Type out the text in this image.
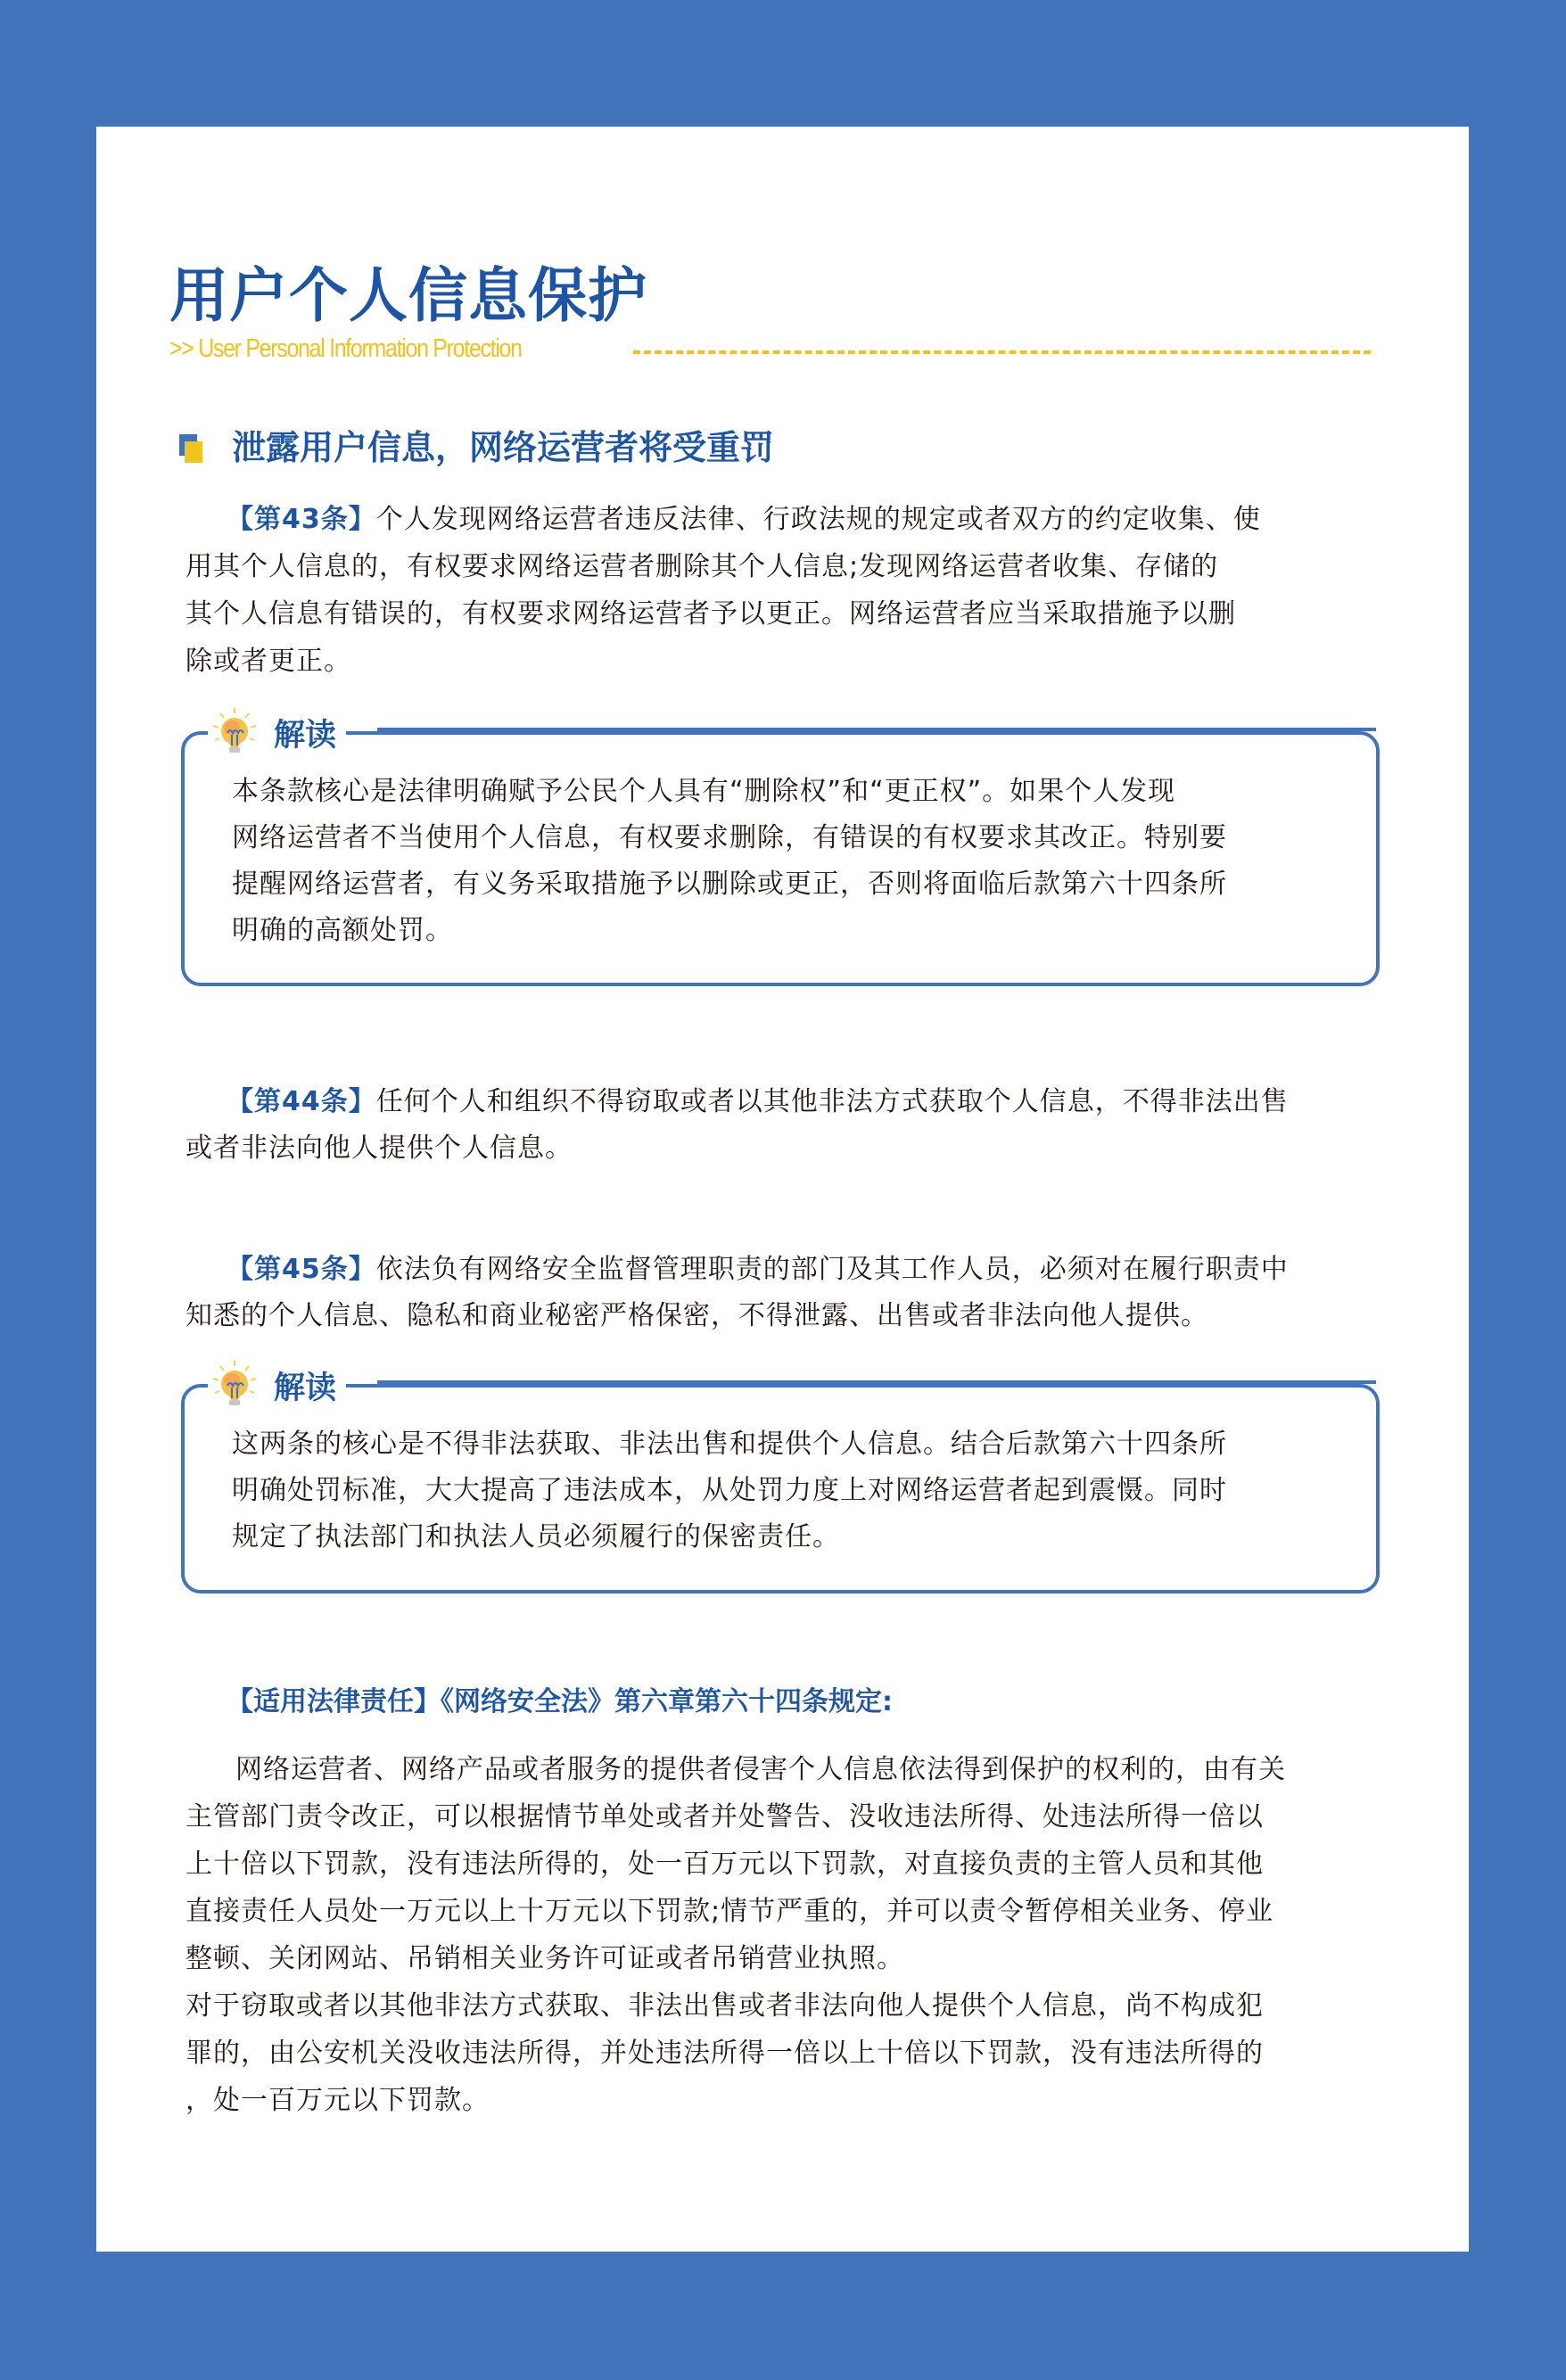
用户个人信息保护
>> User Personal Information Protection
泄露用户信息，网络运营者将受重罚
【第43条】个人发现网络运营者违反法律、行政法规的规定或者双方的约定收集、使
用其个人信息的，有权要求网络运营者删除其个人信息;发现网络运营者收集、存储的
其个人信息有错误的，有权要求网络运营者予以更正。网络运营者应当采取措施予以删
除或者更正。
解读
本条款核心是法律明确赋予公民个人具有“删除权”和“更正权”。如果个人发现
网络运营者不当使用个人信息，有权要求删除，有错误的有权要求其改正。特别要
提醒网络运营者，有义务采取措施予以删除或更正，否则将面临后款第六十四条所
明确的高额处罚。
【第44条】任何个人和组织不得窃取或者以其他非法方式获取个人信息，不得非法出售
或者非法向他人提供个人信息。
【第45条】依法负有网络安全监督管理职责的部门及其工作人员，必须对在履行职责中
知悉的个人信息、隐私和商业秘密严格保密，不得泄露、出售或者非法向他人提供。
解读
这两条的核心是不得非法获取、非法出售和提供个人信息。结合后款第六十四条所
明确处罚标准，大大提高了违法成本，从处罚力度上对网络运营者起到震慑。同时
规定了执法部门和执法人员必须履行的保密责任。
【适用法律责任】《网络安全法》第六章第六十四条规定:
网络运营者、网络产品或者服务的提供者侵害个人信息依法得到保护的权利的，由有关
主管部门责令改正，可以根据情节单处或者并处警告、没收违法所得、处违法所得一倍以
上十倍以下罚款，没有违法所得的，处一百万元以下罚款，对直接负责的主管人员和其他
直接责任人员处一万元以上十万元以下罚款;情节严重的，并可以责令暂停相关业务、停业
整顿、关闭网站、吊销相关业务许可证或者吊销营业执照。
对于窃取或者以其他非法方式获取、非法出售或者非法向他人提供个人信息，尚不构成犯
罪的，由公安机关没收违法所得，并处违法所得一倍以上十倍以下罚款，没有违法所得的
，处一百万元以下罚款。
